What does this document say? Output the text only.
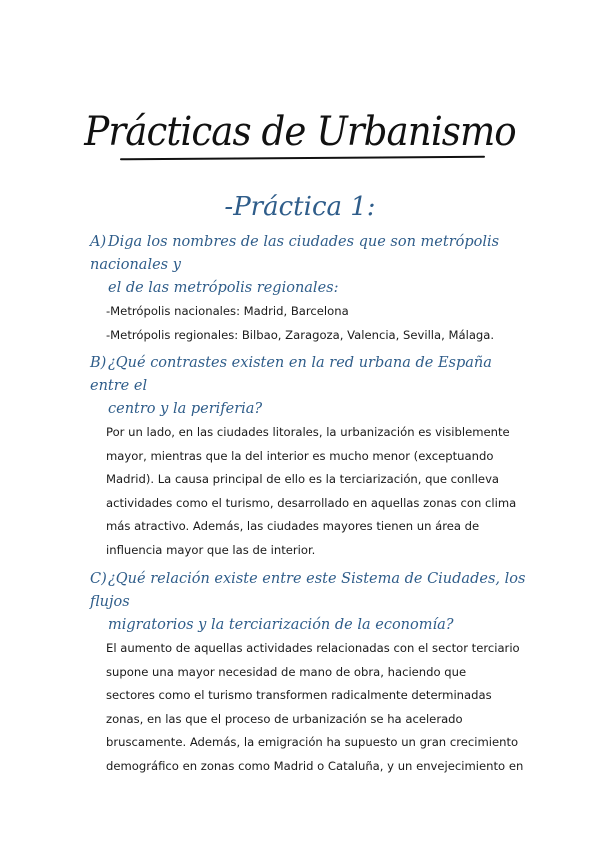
Prácticas de Urbanismo
-Práctica 1:
A) Diga los nombres de las ciudades que son metrópolis nacionales y
el de las metrópolis regionales:

-Metrópolis nacionales: Madrid, Barcelona

-Metrópolis regionales: Bilbao, Zaragoza, Valencia, Sevilla, Málaga.

B) ¿Qué contrastes existen en la red urbana de España entre el
centro y la periferia?

Por un lado, en las ciudades litorales, la urbanización es visiblemente

mayor, mientras que la del interior es mucho menor (exceptuando

Madrid). La causa principal de ello es la terciarización, que conlleva

actividades como el turismo, desarrollado en aquellas zonas con clima

más atractivo. Además, las ciudades mayores tienen un área de

influencia mayor que las de interior.

C)¿Qué relación existe entre este Sistema de Ciudades, los flujos
migratorios y la terciarización de la economía?

El aumento de aquellas actividades relacionadas con el sector terciario

supone una mayor necesidad de mano de obra, haciendo que

sectores como el turismo transformen radicalmente determinadas

zonas, en las que el proceso de urbanización se ha acelerado

bruscamente. Además, la emigración ha supuesto un gran crecimiento

demográfico en zonas como Madrid o Cataluña, y un envejecimiento en
